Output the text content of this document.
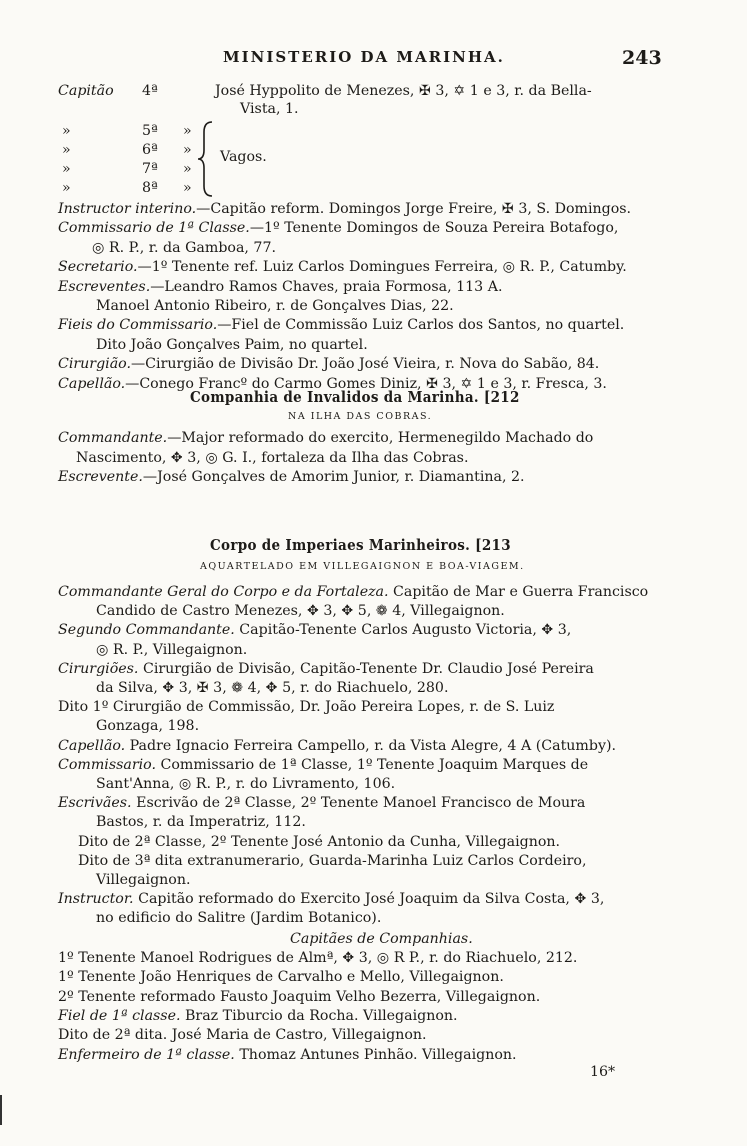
MINISTERIO DA MARINHA.	243
Capitão 4ª	José Hyppolito de Menezes, ✠ 3, ✡ 1 e 3, r. da Bella-
Vista, 1.
»	5ª »
»	6ª »
»	7ª »
»	8ª »
Vagos.
Instructor interino.—Capitão reform. Domingos Jorge Freire, ✠ 3, S. Domingos.
Commissario de 1ª Classe.—1º Tenente Domingos de Souza Pereira Botafogo,
◎ R. P., r. da Gamboa, 77.
Secretario.—1º Tenente ref. Luiz Carlos Domingues Ferreira, ◎ R. P., Catumby.
Escreventes.—Leandro Ramos Chaves, praia Formosa, 113 A.
Manoel Antonio Ribeiro, r. de Gonçalves Dias, 22.
Fieis do Commissario.—Fiel de Commissão Luiz Carlos dos Santos, no quartel.
Dito João Gonçalves Paim, no quartel.
Cirurgião.—Cirurgião de Divisão Dr. João José Vieira, r. Nova do Sabão, 84.
Capellão.—Conego Francº do Carmo Gomes Diniz, ✠ 3, ✡ 1 e 3, r. Fresca, 3.
Companhia de Invalidos da Marinha. [212
NA ILHA DAS COBRAS.
Commandante.—Major reformado do exercito, Hermenegildo Machado do
Nascimento, ✥ 3, ◎ G. I., fortaleza da Ilha das Cobras.
Escrevente.—José Gonçalves de Amorim Junior, r. Diamantina, 2.
Corpo de Imperiaes Marinheiros. [213
AQUARTELADO EM VILLEGAIGNON E BOA-VIAGEM.
Commandante Geral do Corpo e da Fortaleza. Capitão de Mar e Guerra Francisco
Candido de Castro Menezes, ✥ 3, ✥ 5, ❁ 4, Villegaignon.
Segundo Commandante. Capitão-Tenente Carlos Augusto Victoria, ✥ 3,
◎ R. P., Villegaignon.
Cirurgiões. Cirurgião de Divisão, Capitão-Tenente Dr. Claudio José Pereira
da Silva, ✥ 3, ✠ 3, ❁ 4, ✥ 5, r. do Riachuelo, 280.
Dito 1º Cirurgião de Commissão, Dr. João Pereira Lopes, r. de S. Luiz
Gonzaga, 198.
Capellão. Padre Ignacio Ferreira Campello, r. da Vista Alegre, 4 A (Catumby).
Commissario. Commissario de 1ª Classe, 1º Tenente Joaquim Marques de
Sant'Anna, ◎ R. P., r. do Livramento, 106.
Escrivães. Escrivão de 2ª Classe, 2º Tenente Manoel Francisco de Moura
Bastos, r. da Imperatriz, 112.
Dito de 2ª Classe, 2º Tenente José Antonio da Cunha, Villegaignon.
Dito de 3ª dita extranumerario, Guarda-Marinha Luiz Carlos Cordeiro,
Villegaignon.
Instructor. Capitão reformado do Exercito José Joaquim da Silva Costa, ✥ 3,
no edificio do Salitre (Jardim Botanico).
Capitães de Companhias.
1º Tenente Manoel Rodrigues de Almª, ✥ 3, ◎ R P., r. do Riachuelo, 212.
1º Tenente João Henriques de Carvalho e Mello, Villegaignon.
2º Tenente reformado Fausto Joaquim Velho Bezerra, Villegaignon.
Fiel de 1ª classe. Braz Tiburcio da Rocha. Villegaignon.
Dito de 2ª dita. José Maria de Castro, Villegaignon.
Enfermeiro de 1ª classe. Thomaz Antunes Pinhão. Villegaignon.
16*
